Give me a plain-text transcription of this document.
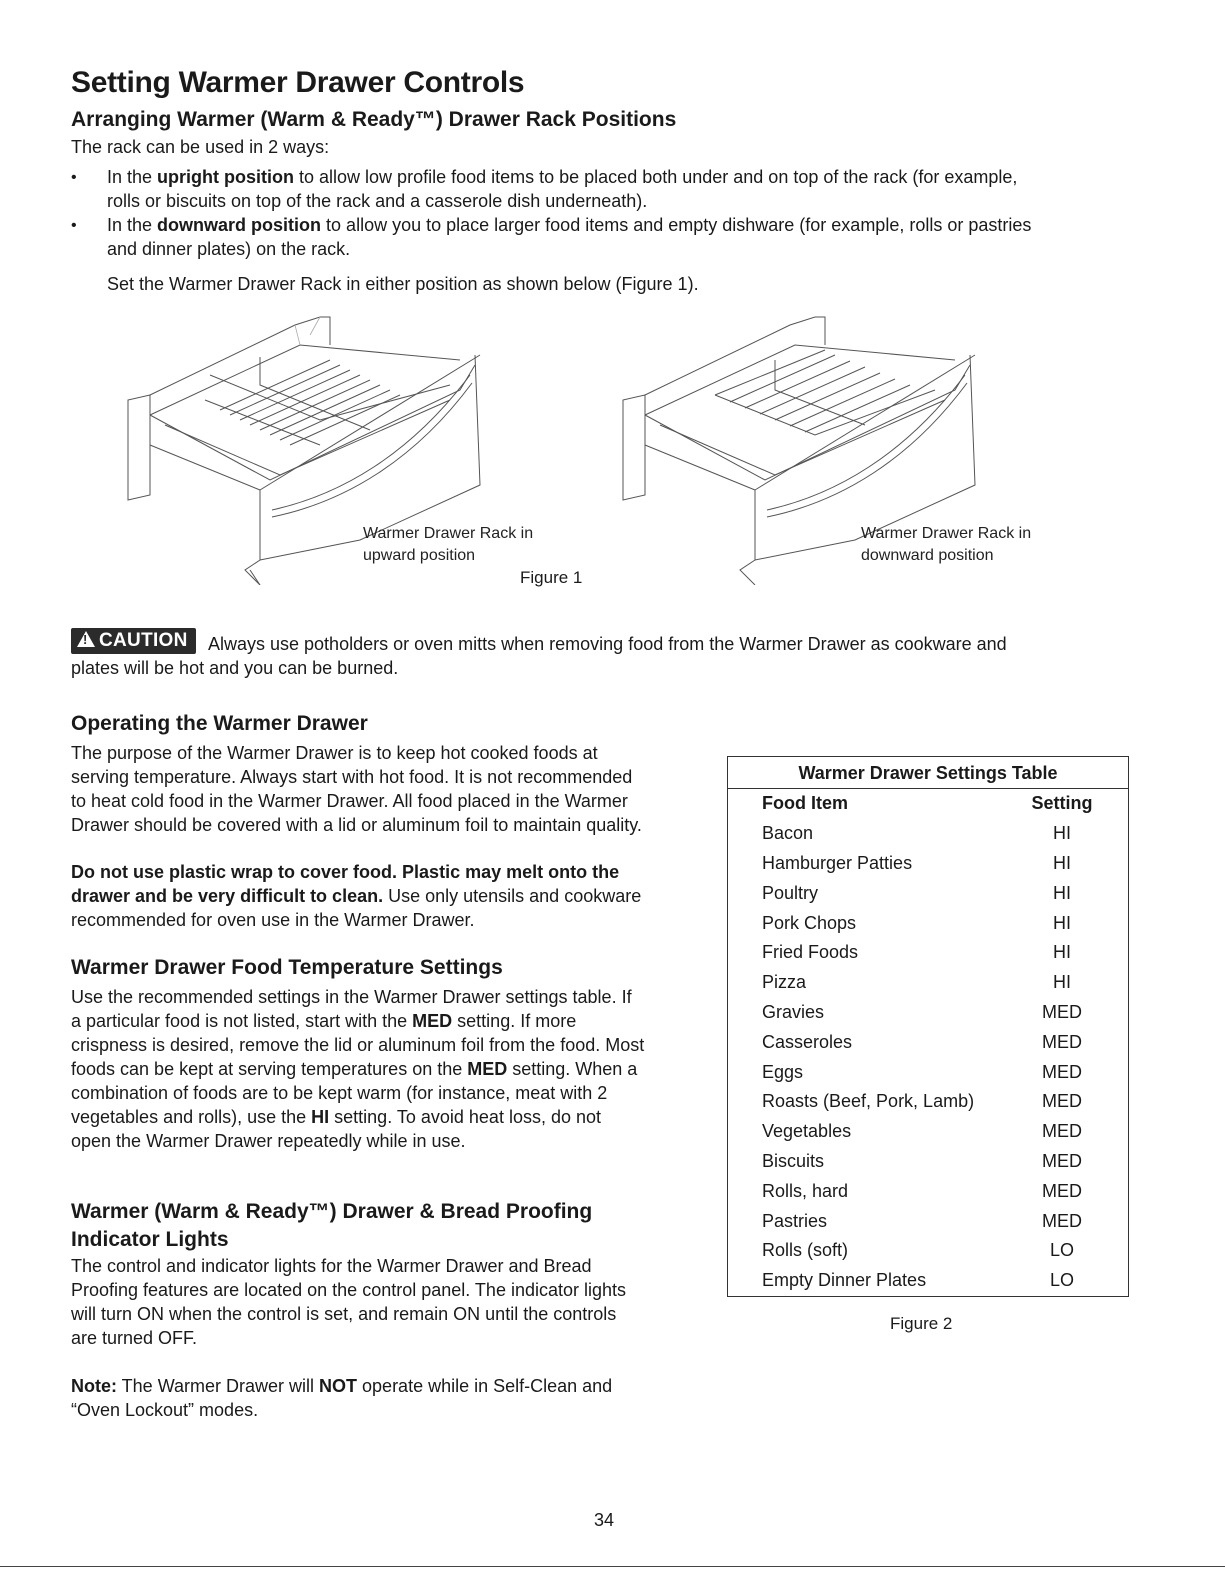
Setting Warmer Drawer Controls
Arranging Warmer (Warm & Ready™) Drawer Rack Positions
The rack can be used in 2 ways:
• In the upright position to allow low profile food items to be placed both under and on top of the rack (for example,
rolls or biscuits on top of the rack and a casserole dish underneath).
• In the downward position to allow you to place larger food items and empty dishware (for example, rolls or pastries
and dinner plates) on the rack.
Set the Warmer Drawer Rack in either position as shown below (Figure 1).
Warmer Drawer Rack in
upward position
Warmer Drawer Rack in
downward position
Figure 1
!CAUTION	Always use potholders or oven mitts when removing food from the Warmer Drawer as cookware and
plates will be hot and you can be burned.
Operating the Warmer Drawer
The purpose of the Warmer Drawer is to keep hot cooked foods at
serving temperature. Always start with hot food. It is not recommended
to heat cold food in the Warmer Drawer. All food placed in the Warmer
Drawer should be covered with a lid or aluminum foil to maintain quality.
Do not use plastic wrap to cover food. Plastic may melt onto the
drawer and be very difficult to clean. Use only utensils and cookware
recommended for oven use in the Warmer Drawer.
Warmer Drawer Food Temperature Settings
Use the recommended settings in the Warmer Drawer settings table. If
a particular food is not listed, start with the MED setting. If more
crispness is desired, remove the lid or aluminum foil from the food. Most
foods can be kept at serving temperatures on the MED setting. When a
combination of foods are to be kept warm (for instance, meat with 2
vegetables and rolls), use the HI setting. To avoid heat loss, do not
open the Warmer Drawer repeatedly while in use.
Warmer (Warm & Ready™) Drawer & Bread Proofing
Indicator Lights
The control and indicator lights for the Warmer Drawer and Bread
Proofing features are located on the control panel. The indicator lights
will turn ON when the control is set, and remain ON until the controls
are turned OFF.
Note: The Warmer Drawer will NOT operate while in Self-Clean and
“Oven Lockout” modes.
Warmer Drawer Settings Table	
Food Item	Setting
Bacon	HI
Hamburger Patties	HI
Poultry	HI
Pork Chops	HI
Fried Foods	HI
Pizza	HI
Gravies	MED
Casseroles	MED
Eggs	MED
Roasts (Beef, Pork, Lamb)	MED
Vegetables	MED
Biscuits	MED
Rolls, hard	MED
Pastries	MED
Rolls (soft)	LO
Empty Dinner Plates	LO
Figure 2
34
